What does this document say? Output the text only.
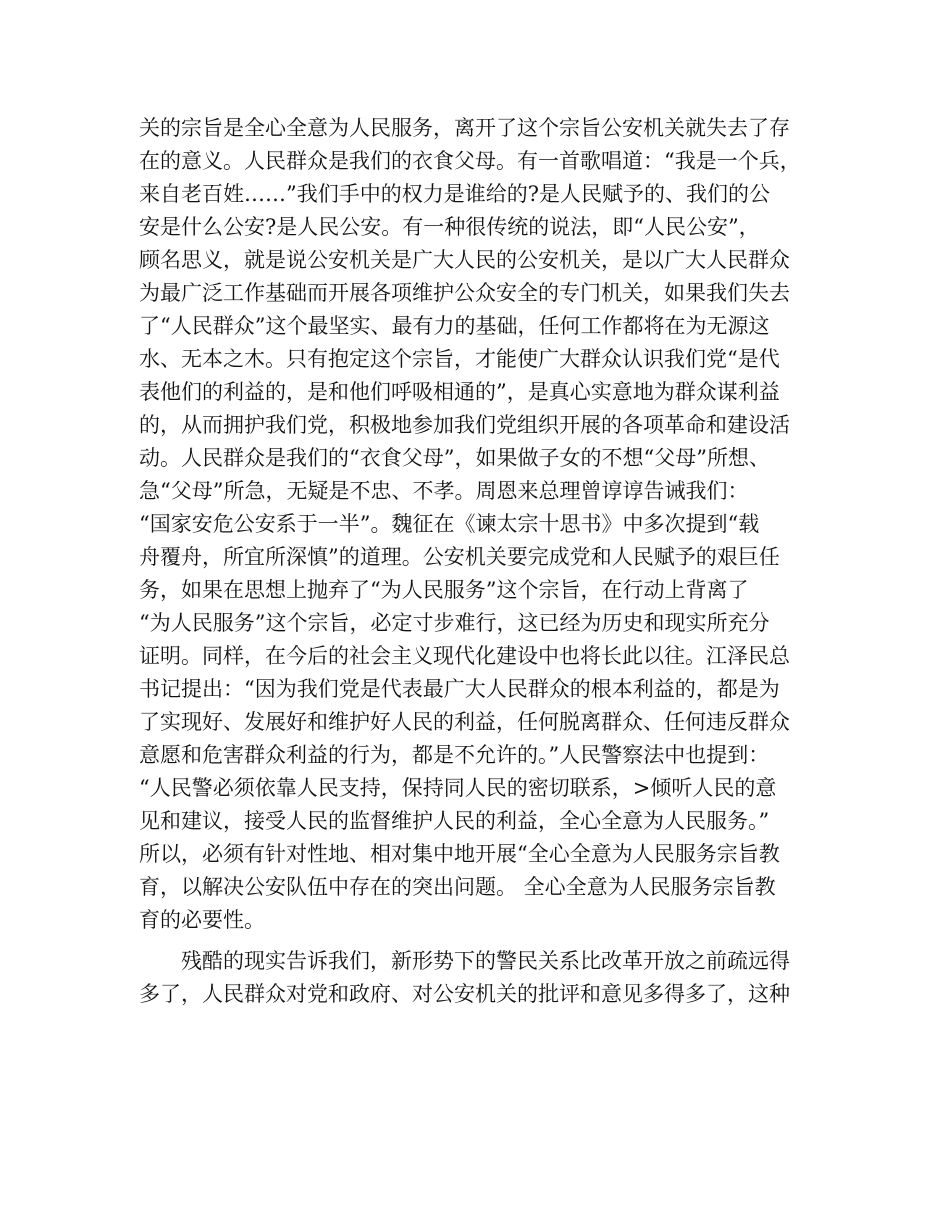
关的宗旨是全心全意为人民服务，离开了这个宗旨公安机关就失去了存
在的意义。人民群众是我们的衣食父母。有一首歌唱道：“我是一个兵，
来自老百姓……”我们手中的权力是谁给的?是人民赋予的、我们的公
安是什么公安?是人民公安。有一种很传统的说法，即“人民公安”，
顾名思义，就是说公安机关是广大人民的公安机关，是以广大人民群众
为最广泛工作基础而开展各项维护公众安全的专门机关，如果我们失去
了“人民群众”这个最坚实、最有力的基础，任何工作都将在为无源这
水、无本之木。只有抱定这个宗旨，才能使广大群众认识我们党“是代
表他们的利益的，是和他们呼吸相通的”，是真心实意地为群众谋利益
的，从而拥护我们党，积极地参加我们党组织开展的各项革命和建设活
动。人民群众是我们的“衣食父母”，如果做子女的不想“父母”所想、
急“父母”所急，无疑是不忠、不孝。周恩来总理曾谆谆告诫我们：
“国家安危公安系于一半”。魏征在《谏太宗十思书》中多次提到“载
舟覆舟，所宜所深慎”的道理。公安机关要完成党和人民赋予的艰巨任
务，如果在思想上抛弃了“为人民服务”这个宗旨，在行动上背离了
“为人民服务”这个宗旨，必定寸步难行，这已经为历史和现实所充分
证明。同样，在今后的社会主义现代化建设中也将长此以往。江泽民总
书记提出：“因为我们党是代表最广大人民群众的根本利益的，都是为
了实现好、发展好和维护好人民的利益，任何脱离群众、任何违反群众
意愿和危害群众利益的行为，都是不允许的。”人民警察法中也提到：
“人民警必须依靠人民支持，保持同人民的密切联系，>倾听人民的意
见和建议，接受人民的监督维护人民的利益，全心全意为人民服务。”
所以，必须有针对性地、相对集中地开展“全心全意为人民服务宗旨教
育，以解决公安队伍中存在的突出问题。 全心全意为人民服务宗旨教
育的必要性。
残酷的现实告诉我们，新形势下的警民关系比改革开放之前疏远得
多了，人民群众对党和政府、对公安机关的批评和意见多得多了，这种
